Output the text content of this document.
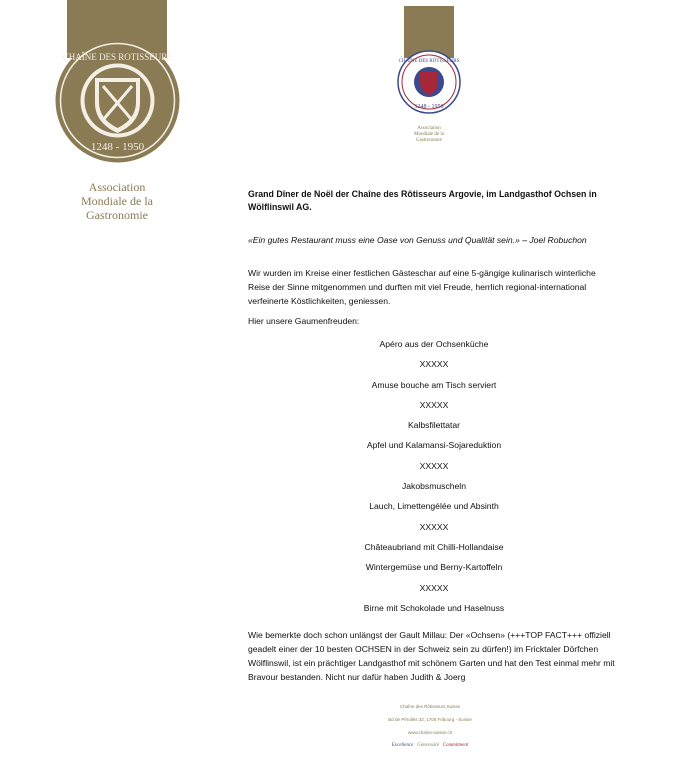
CHAÎNE DES ROTISSEURS
1248 - 1950
Association
Mondiale de la
Gastronomie
CHAÎNE DES RÔTISSEURS
1248 - 1950
Association
Mondiale de la
Gastronomie

Grand Dîner de Noël der Chaîne des Rôtisseurs Argovie, im Landgasthof Ochsen in Wölflinswil AG.

«Ein gutes Restaurant muss eine Oase von Genuss und Qualität sein.» – Joel Robuchon

Wir wurden im Kreise einer festlichen Gästeschar auf eine 5-gängige kulinarisch winterliche Reise der Sinne mitgenommen und durften mit viel Freude, herrlich regional-international verfeinerte Köstlichkeiten, geniessen.

Hier unsere Gaumenfreuden:

Apéro aus der Ochsenküche
XXXXX
Amuse bouche am Tisch serviert
XXXXX
Kalbsfilettatar
Apfel und Kalamansi-Sojareduktion
XXXXX
Jakobsmuscheln
Lauch, Limettengélée und Absinth
XXXXX
Châteaubriand mit Chilli-Hollandaise
Wintergemüse und Berny-Kartoffeln
XXXXX
Birne mit Schokolade und Haselnuss

Wie bemerkte doch schon unlängst der Gault Millau: Der «Ochsen» (+++TOP FACT+++ offiziell geadelt einer der 10 besten OCHSEN in der Schweiz sein zu dürfen!) im Fricktaler Dörfchen Wölflinswil, ist ein prächtiger Landgasthof mit schönem Garten und hat den Test einmal mehr mit Bravour bestanden. Nicht nur dafür haben Judith & Joerg

Chaîne des Rôtisseurs Suisse
Bd de Pérolles 32, 1700 Fribourg - Suisse
www.chaine-suisse.ch
Excellence Generosité Commitment
